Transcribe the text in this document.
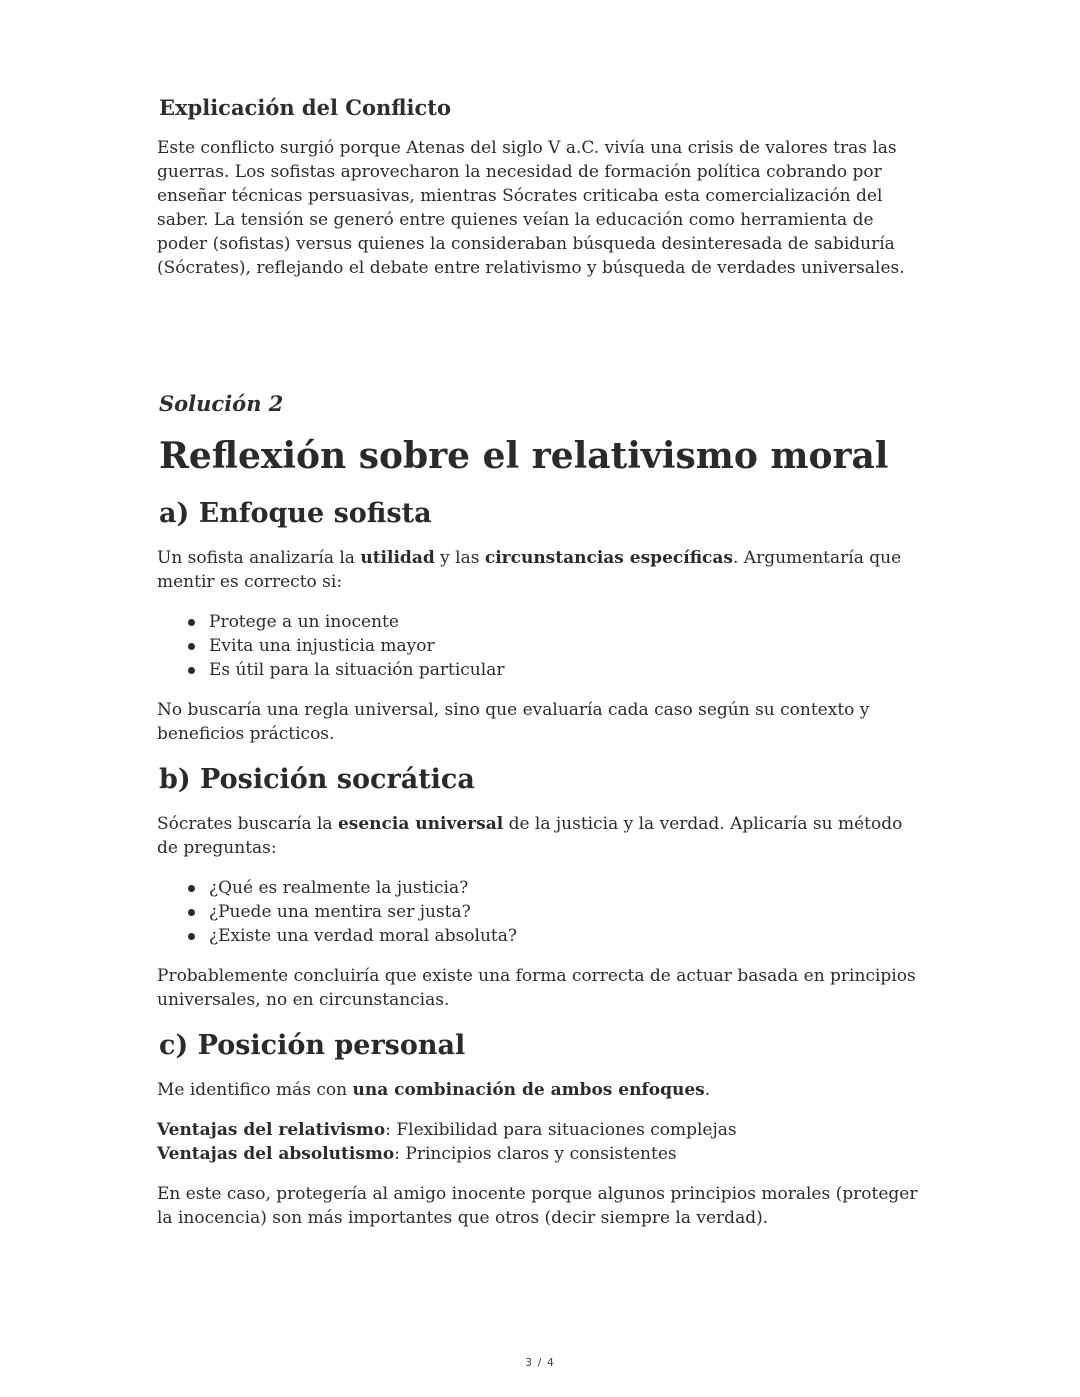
Explicación del Conflicto

Este conflicto surgió porque Atenas del siglo V a.C. vivía una crisis de valores tras las guerras. Los sofistas aprovecharon la necesidad de formación política cobrando por enseñar técnicas persuasivas, mientras Sócrates criticaba esta comercialización del saber. La tensión se generó entre quienes veían la educación como herramienta de poder (sofistas) versus quienes la consideraban búsqueda desinteresada de sabiduría (Sócrates), reflejando el debate entre relativismo y búsqueda de verdades universales.

Solución 2
Reflexión sobre el relativismo moral
a) Enfoque sofista

Un sofista analizaría la utilidad y las circunstancias específicas. Argumentaría que mentir es correcto si:

Protege a un inocente
Evita una injusticia mayor
Es útil para la situación particular

No buscaría una regla universal, sino que evaluaría cada caso según su contexto y beneficios prácticos.

b) Posición socrática

Sócrates buscaría la esencia universal de la justicia y la verdad. Aplicaría su método de preguntas:

¿Qué es realmente la justicia?
¿Puede una mentira ser justa?
¿Existe una verdad moral absoluta?

Probablemente concluiría que existe una forma correcta de actuar basada en principios universales, no en circunstancias.

c) Posición personal

Me identifico más con una combinación de ambos enfoques.

Ventajas del relativismo: Flexibilidad para situaciones complejas
Ventajas del absolutismo: Principios claros y consistentes

En este caso, protegería al amigo inocente porque algunos principios morales (proteger la inocencia) son más importantes que otros (decir siempre la verdad).

3 / 4
